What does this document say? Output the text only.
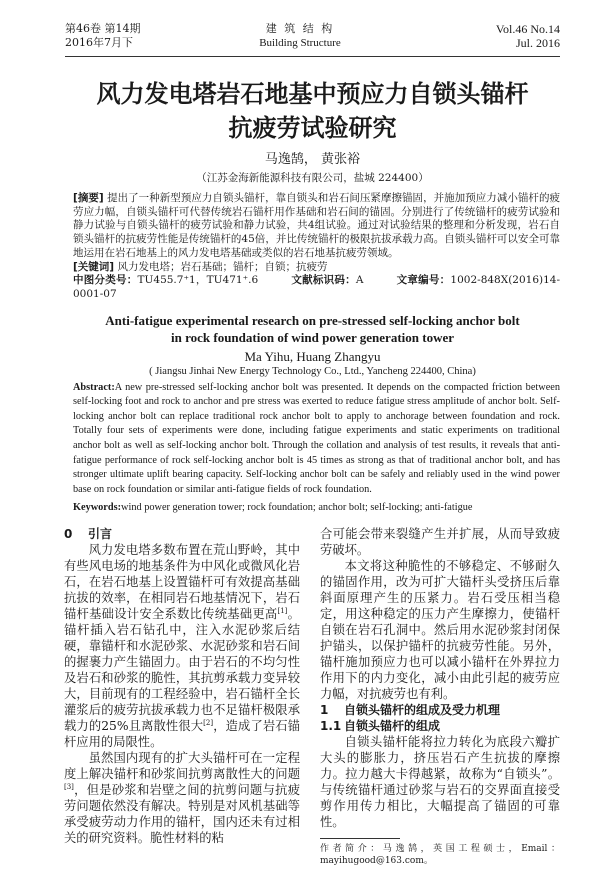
第46卷 第14期
2016年7月下
建 筑 结 构
Building Structure
Vol.46 No.14
Jul. 2016
风力发电塔岩石地基中预应力自锁头锚杆
抗疲劳试验研究
马逸鹄， 黄张裕
（江苏金海新能源科技有限公司，盐城 224400）
[摘要] 提出了一种新型预应力自锁头锚杆，靠自锁头和岩石间压紧摩擦锚固，并施加预应力减小锚杆的疲劳应力幅，自锁头锚杆可代替传统岩石锚杆用作基础和岩石间的锚固。分别进行了传统锚杆的疲劳试验和静力试验与自锁头锚杆的疲劳试验和静力试验，共4组试验。通过对试验结果的整理和分析发现，岩石自锁头锚杆的抗疲劳性能是传统锚杆的45倍，并比传统锚杆的极限抗拔承载力高。自锁头锚杆可以安全可靠地运用在岩石地基上的风力发电塔基础或类似的岩石地基抗疲劳领域。
[关键词] 风力发电塔；岩石基础；锚杆；自锁；抗疲劳
中图分类号：TU455.7⁺1，TU471⁺.6	文献标识码：A	文章编号：1002-848X(2016)14-0001-07
Anti-fatigue experimental research on pre-stressed self-locking anchor bolt
in rock foundation of wind power generation tower
Ma Yihu, Huang Zhangyu
( Jiangsu Jinhai New Energy Technology Co., Ltd., Yancheng 224400, China)
Abstract:A new pre-stressed self-locking anchor bolt was presented. It depends on the compacted friction between self-locking foot and rock to anchor and pre stress was exerted to reduce fatigue stress amplitude of anchor bolt. Self-locking anchor bolt can replace traditional rock anchor bolt to apply to anchorage between foundation and rock. Totally four sets of experiments were done, including fatigue experiments and static experiments on traditional anchor bolt as well as self-locking anchor bolt. Through the collation and analysis of test results, it reveals that anti-fatigue performance of rock self-locking anchor bolt is 45 times as strong as that of traditional anchor bolt, and has stronger ultimate uplift bearing capacity. Self-locking anchor bolt can be safely and reliably used in the wind power base on rock foundation or similar anti-fatigue fields of rock foundation.
Keywords:wind power generation tower; rock foundation; anchor bolt; self-locking; anti-fatigue
0 引言

风力发电塔多数布置在荒山野岭，其中有些风电场的地基条件为中风化或微风化岩石，在岩石地基上设置锚杆可有效提高基础抗拔的效率，在相同岩石地基情况下，岩石锚杆基础设计安全系数比传统基础更高[1]。锚杆插入岩石钻孔中，注入水泥砂浆后结硬，靠锚杆和水泥砂浆、水泥砂浆和岩石间的握裹力产生锚固力。由于岩石的不均匀性及岩石和砂浆的脆性，其抗剪承载力变异较大，目前现有的工程经验中，岩石锚杆全长灌浆后的疲劳抗拔承载力也不足锚杆极限承载力的25%且离散性很大[2]，造成了岩石锚杆应用的局限性。

虽然国内现有的扩大头锚杆可在一定程度上解决锚杆和砂浆间抗剪离散性大的问题[3]，但是砂浆和岩壁之间的抗剪问题与抗疲劳问题依然没有解决。特别是对风机基础等承受疲劳动力作用的锚杆，国内还未有过相关的研究资料。脆性材料的粘

合可能会带来裂缝产生并扩展，从而导致疲劳破坏。

本文将这种脆性的不够稳定、不够耐久的锚固作用，改为可扩大锚杆头受挤压后靠斜面原理产生的压紧力。岩石受压相当稳定，用这种稳定的压力产生摩擦力，使锚杆自锁在岩石孔洞中。然后用水泥砂浆封闭保护锚头，以保护锚杆的抗疲劳性能。另外，锚杆施加预应力也可以减小锚杆在外界拉力作用下的内力变化，减小由此引起的疲劳应力幅，对抗疲劳也有利。

1 自锁头锚杆的组成及受力机理
1.1 自锁头锚杆的组成

自锁头锚杆能将拉力转化为底段六瓣扩大头的膨胀力，挤压岩石产生抗拔的摩擦力。拉力越大卡得越紧，故称为“自锁头”。与传统锚杆通过砂浆与岩石的交界面直接受剪作用传力相比，大幅提高了锚固的可靠性。

作者简介：马逸鹄，英国工程硕士，Email：mayihugood@163.com。
